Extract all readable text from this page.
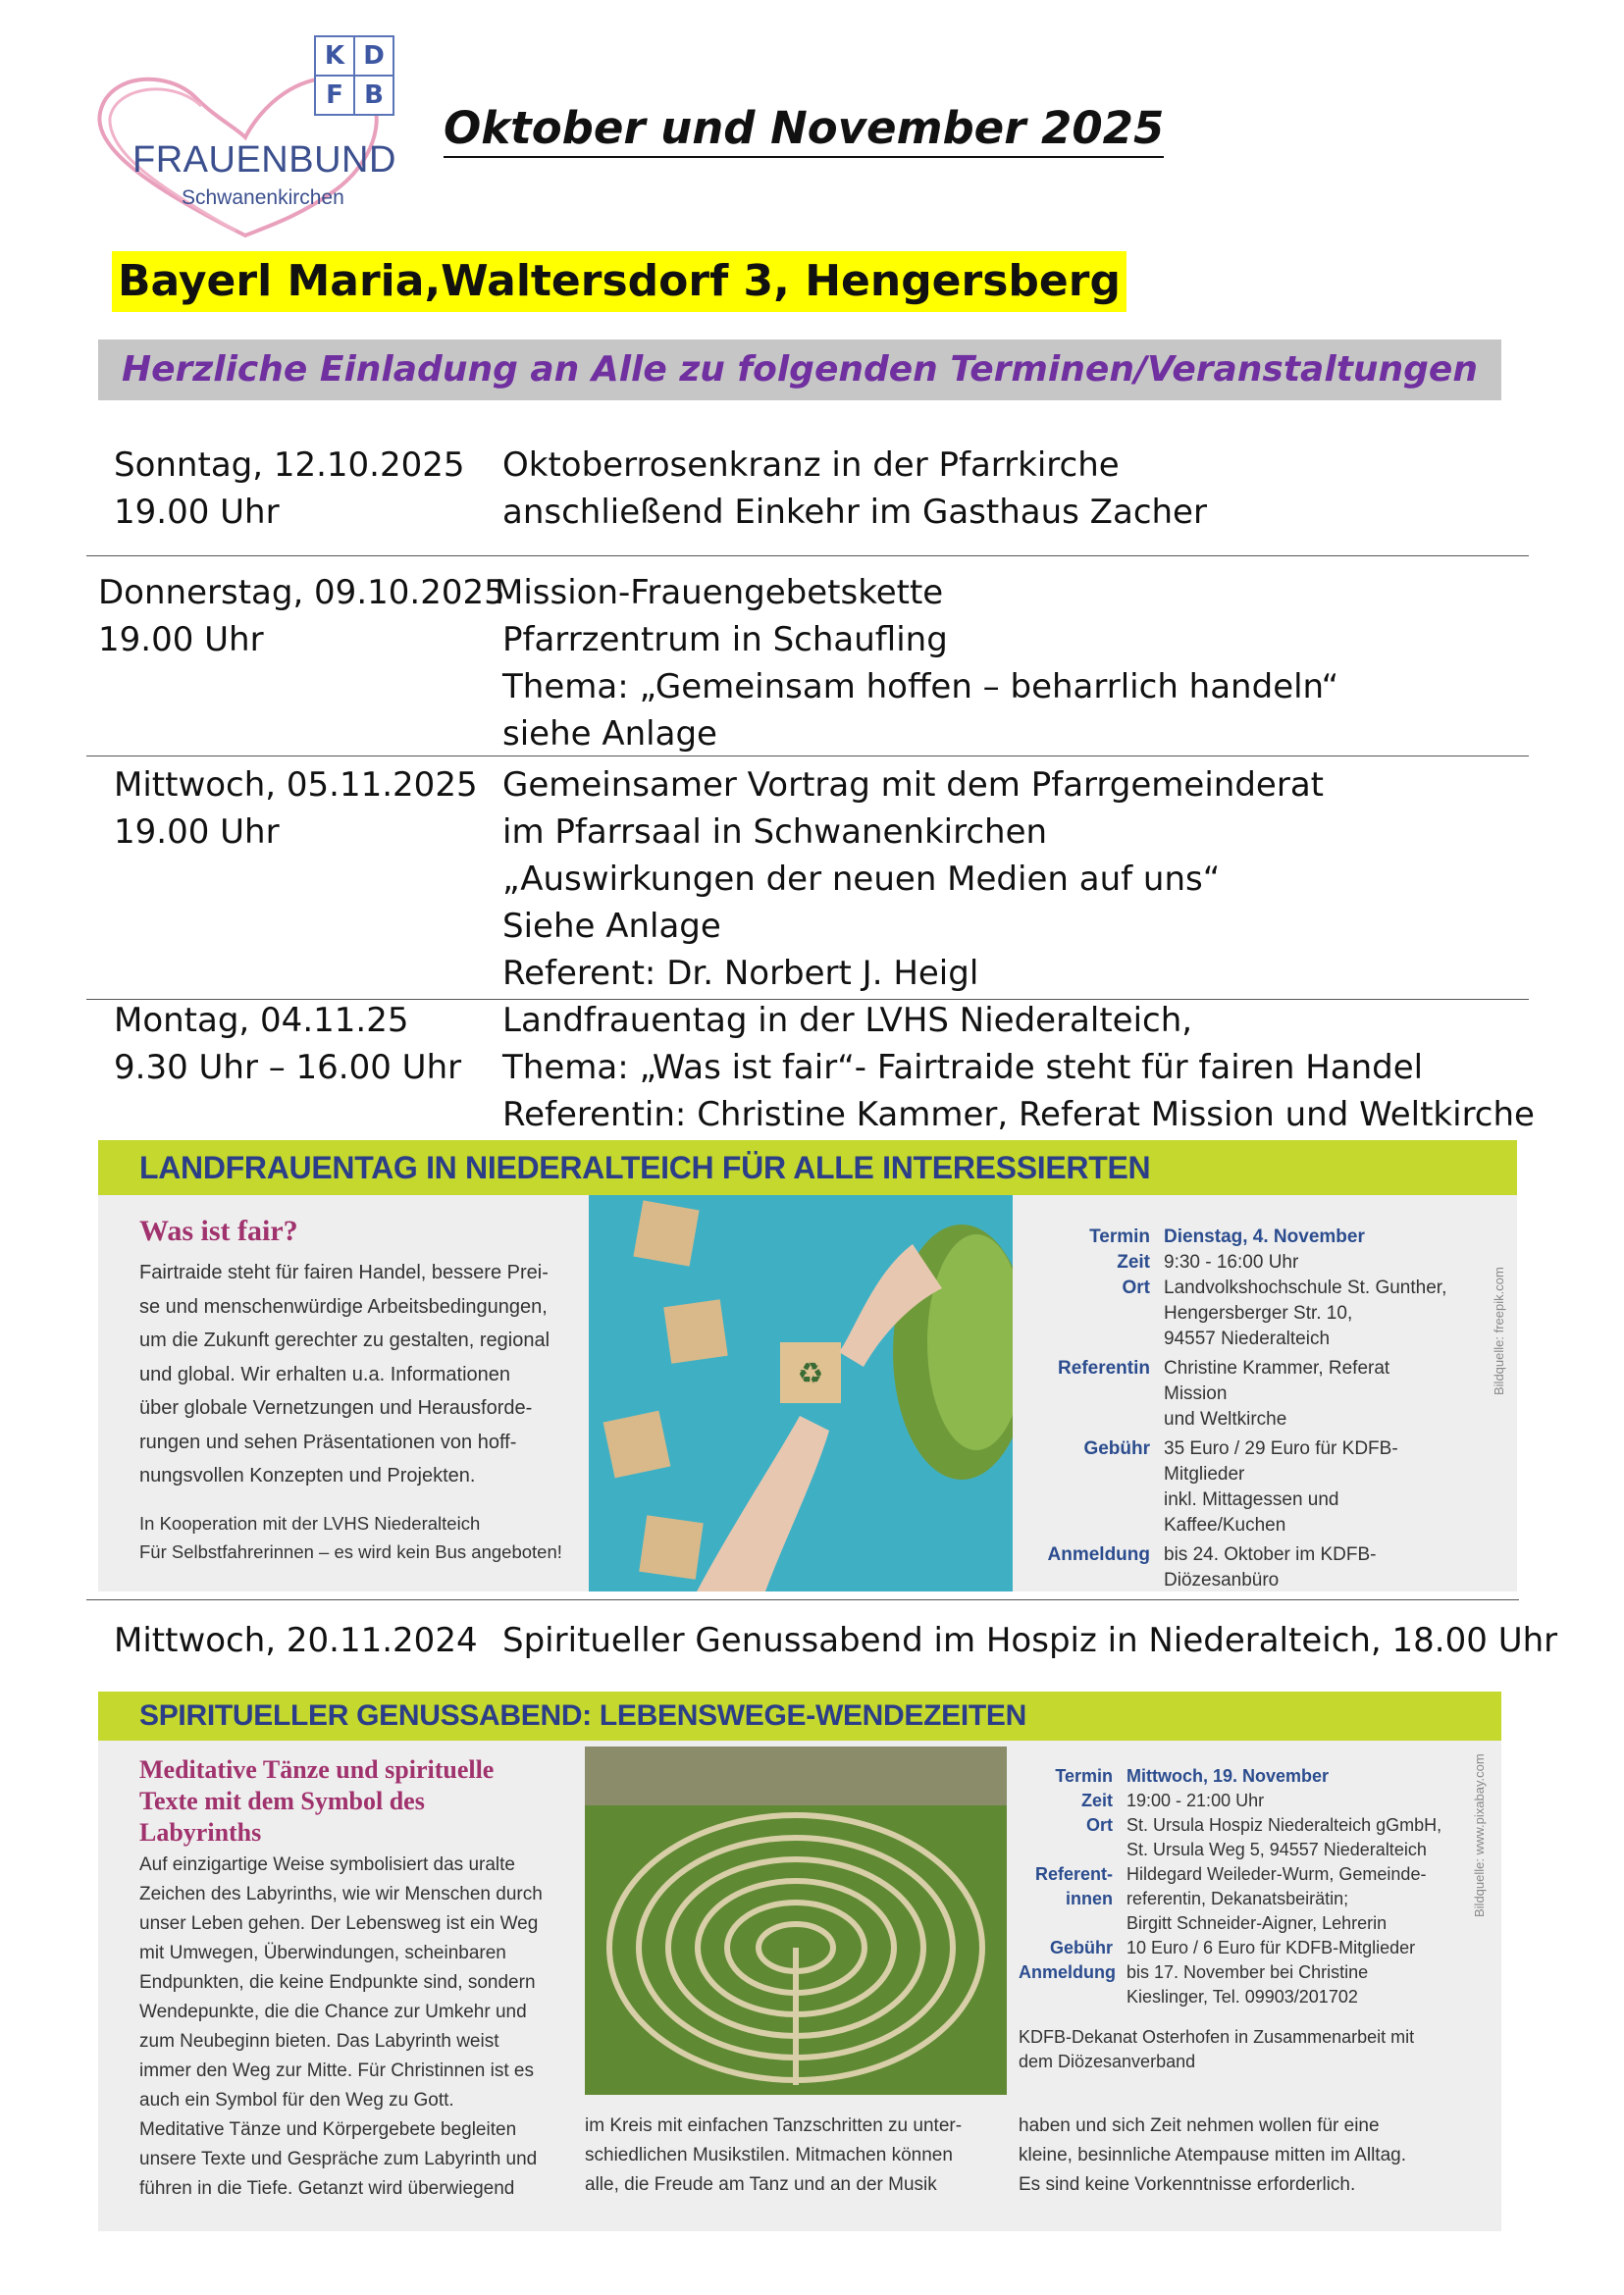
K D
F B
FRAUENBUND
Schwanenkirchen
Oktober und November 2025
Bayerl Maria,Waltersdorf 3, Hengersberg
Herzliche Einladung an Alle zu folgenden Terminen/Veranstaltungen
Sonntag, 12.10.2025
19.00 Uhr
Oktoberrosenkranz in der Pfarrkirche
anschließend Einkehr im Gasthaus Zacher
Donnerstag, 09.10.2025
19.00 Uhr
Mission-Frauengebetskette
Pfarrzentrum in Schaufling
Thema: „Gemeinsam hoffen – beharrlich handeln“
siehe Anlage
Mittwoch, 05.11.2025
19.00 Uhr
Gemeinsamer Vortrag mit dem Pfarrgemeinderat
im Pfarrsaal in Schwanenkirchen
„Auswirkungen der neuen Medien auf uns“
Siehe Anlage
Referent: Dr. Norbert J. Heigl
Montag, 04.11.25
9.30 Uhr – 16.00 Uhr
Landfrauentag in der LVHS Niederalteich,
Thema: „Was ist fair“- Fairtraide steht für fairen Handel
Referentin: Christine Kammer, Referat Mission und Weltkirche
LANDFRAUENTAG IN NIEDERALTEICH FÜR ALLE INTERESSIERTEN
Was ist fair?
Fairtraide steht für fairen Handel, bessere Prei-
se und menschenwürdige Arbeitsbedingungen,
um die Zukunft gerechter zu gestalten, regional
und global. Wir erhalten u.a. Informationen
über globale Vernetzungen und Herausforde-
rungen und sehen Präsentationen von hoff-
nungsvollen Konzepten und Projekten.
In Kooperation mit der LVHS Niederalteich
Für Selbstfahrerinnen – es wird kein Bus angeboten!
♻
Termin Dienstag, 4. November
Zeit 9:30 - 16:00 Uhr
Ort Landvolkshochschule St. Gunther,
Hengersberger Str. 10,
94557 Niederalteich
Referentin Christine Krammer, Referat Mission
und Weltkirche
Gebühr 35 Euro / 29 Euro für KDFB-Mitglieder
inkl. Mittagessen und Kaffee/Kuchen
Anmeldung bis 24. Oktober im KDFB-Diözesanbüro
Bildquelle: freepik.com
Mittwoch, 20.11.2024 Spiritueller Genussabend im Hospiz in Niederalteich, 18.00 Uhr
SPIRITUELLER GENUSSABEND: LEBENSWEGE-WENDEZEITEN
Meditative Tänze und spirituelle
Texte mit dem Symbol des
Labyrinths
Auf einzigartige Weise symbolisiert das uralte
Zeichen des Labyrinths, wie wir Menschen durch
unser Leben gehen. Der Lebensweg ist ein Weg
mit Umwegen, Überwindungen, scheinbaren
Endpunkten, die keine Endpunkte sind, sondern
Wendepunkte, die die Chance zur Umkehr und
zum Neubeginn bieten. Das Labyrinth weist
immer den Weg zur Mitte. Für Christinnen ist es
auch ein Symbol für den Weg zu Gott.
Meditative Tänze und Körpergebete begleiten
unsere Texte und Gespräche zum Labyrinth und
führen in die Tiefe. Getanzt wird überwiegend
im Kreis mit einfachen Tanzschritten zu unter-
schiedlichen Musikstilen. Mitmachen können
alle, die Freude am Tanz und an der Musik
haben und sich Zeit nehmen wollen für eine
kleine, besinnliche Atempause mitten im Alltag.
Es sind keine Vorkenntnisse erforderlich.
Termin Mittwoch, 19. November
Zeit 19:00 - 21:00 Uhr
Ort St. Ursula Hospiz Niederalteich gGmbH,
St. Ursula Weg 5, 94557 Niederalteich
Referent-
innen
Hildegard Weileder-Wurm, Gemeinde-
referentin, Dekanatsbeirätin;
Birgitt Schneider-Aigner, Lehrerin
Gebühr 10 Euro / 6 Euro für KDFB-Mitglieder
Anmeldung bis 17. November bei Christine
Kieslinger, Tel. 09903/201702
KDFB-Dekanat Osterhofen in Zusammenarbeit mit
dem Diözesanverband
Bildquelle: www.pixabay.com
